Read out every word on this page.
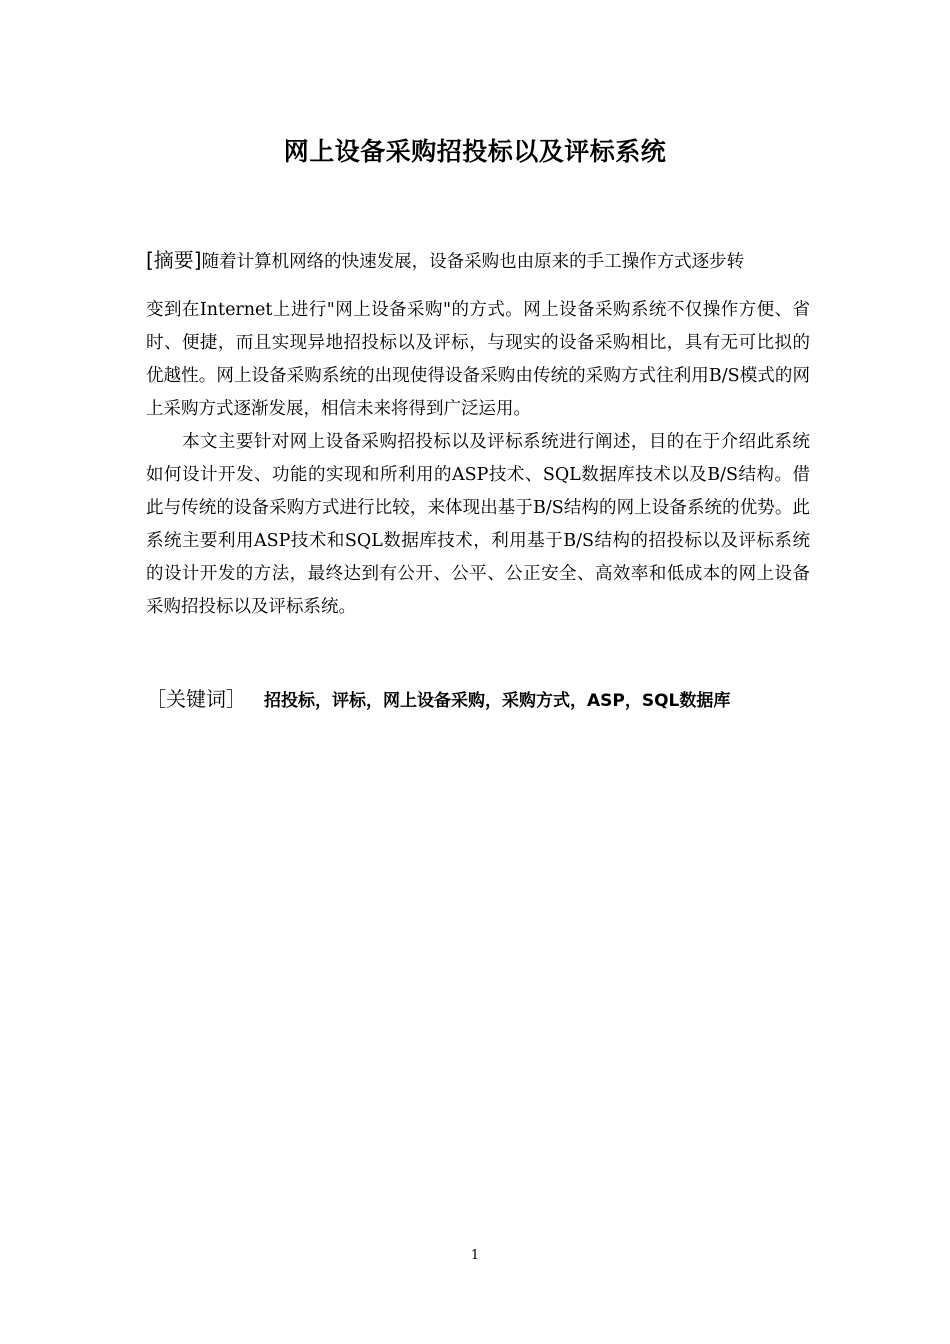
网上设备采购招投标以及评标系统

[摘要]随着计算机网络的快速发展，设备采购也由原来的手工操作方式逐步转

变到在Internet上进行"网上设备采购"的方式。网上设备采购系统不仅操作方便、省时、便捷，而且实现异地招投标以及评标，与现实的设备采购相比，具有无可比拟的优越性。网上设备采购系统的出现使得设备采购由传统的采购方式往利用B/S模式的网上采购方式逐渐发展，相信未来将得到广泛运用。

本文主要针对网上设备采购招投标以及评标系统进行阐述，目的在于介绍此系统如何设计开发、功能的实现和所利用的ASP技术、SQL数据库技术以及B/S结构。借此与传统的设备采购方式进行比较，来体现出基于B/S结构的网上设备系统的优势。此系统主要利用ASP技术和SQL数据库技术，利用基于B/S结构的招投标以及评标系统的设计开发的方法，最终达到有公开、公平、公正安全、高效率和低成本的网上设备采购招投标以及评标系统。

［关键词］ 招投标，评标，网上设备采购，采购方式，ASP，SQL数据库
1
